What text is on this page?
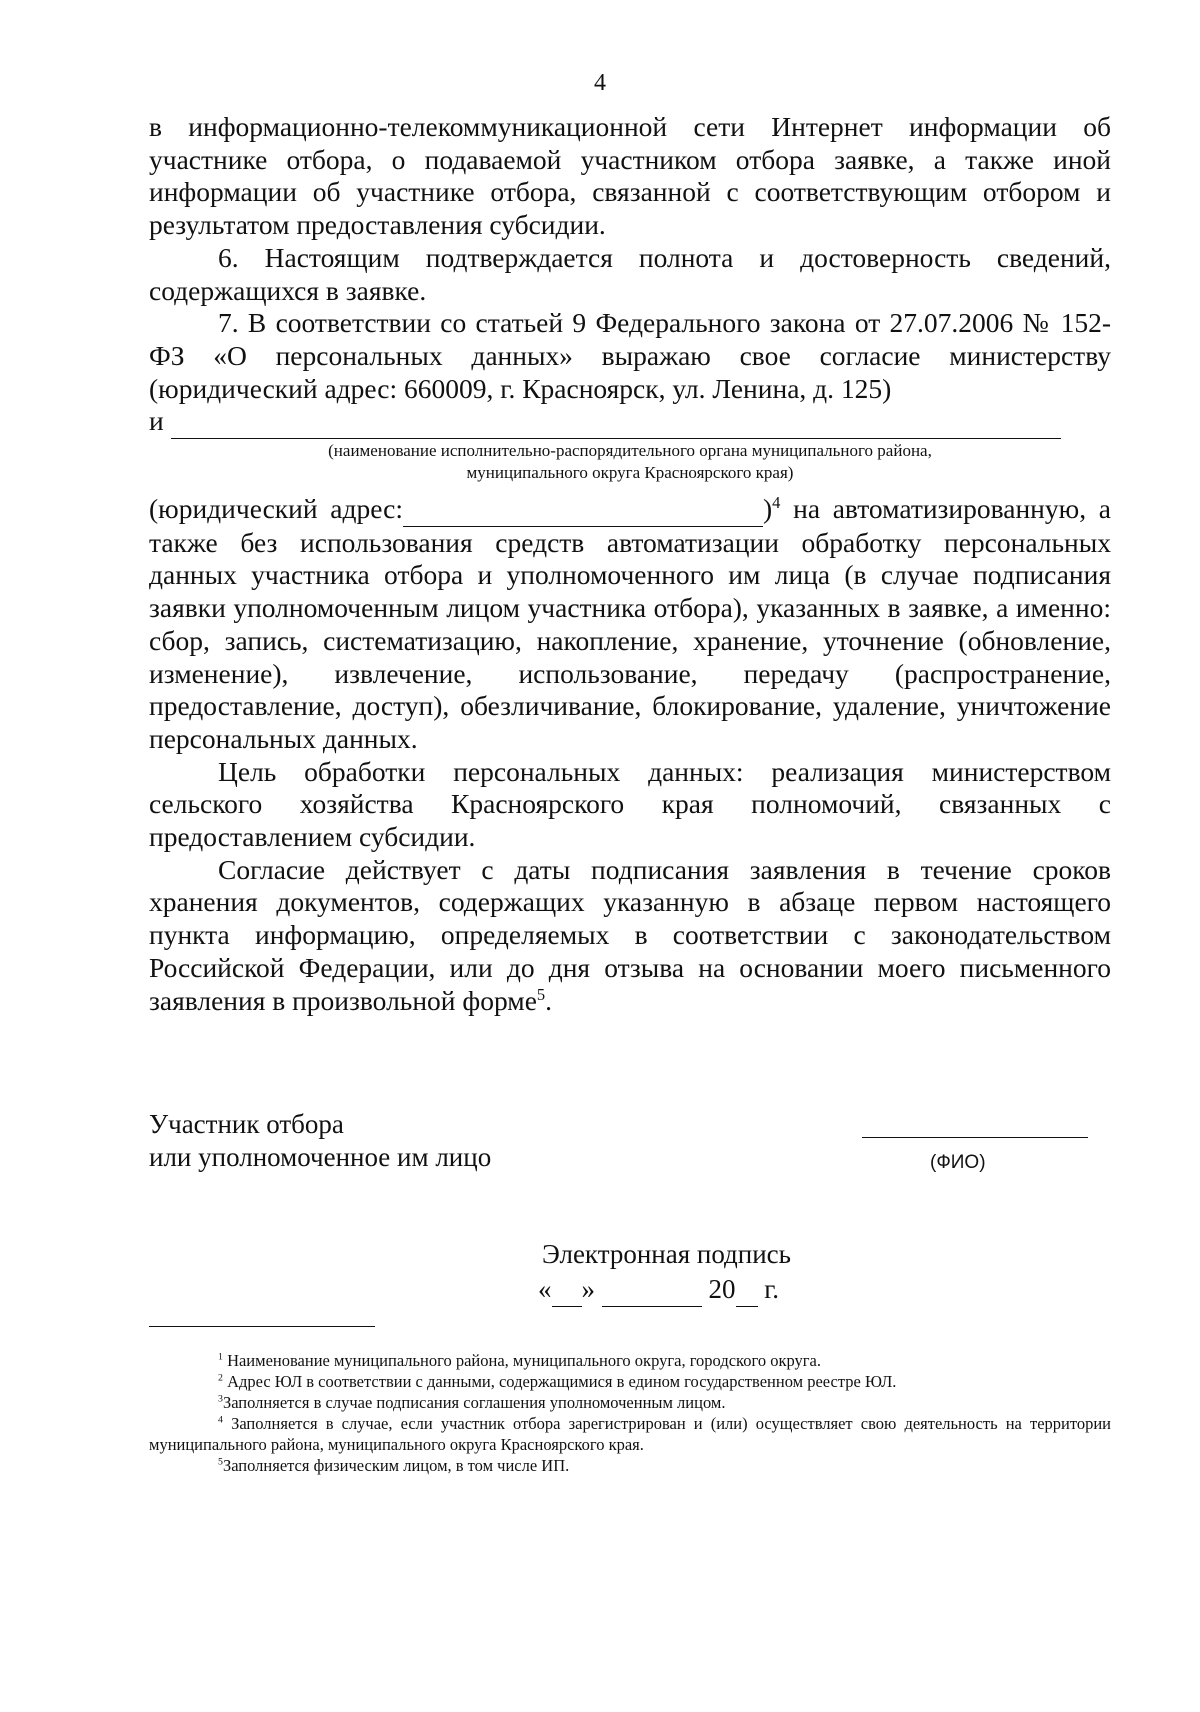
4

в информационно-телекоммуникационной сети Интернет информации об участнике отбора, о подаваемой участником отбора заявке, а также иной информации об участнике отбора, связанной с соответствующим отбором и результатом предоставления субсидии.

6. Настоящим подтверждается полнота и достоверность сведений, содержащихся в заявке.

7. В соответствии со статьей 9 Федерального закона от 27.07.2006 № 152-ФЗ «О персональных данных» выражаю свое согласие министерству (юридический адрес: 660009, г. Красноярск, ул. Ленина, д. 125)

и

(наименование исполнительно-распорядительного органа муниципального района,
муниципального округа Красноярского края)

(юридический адрес:	)$^4$ на автоматизированную, а также без использования средств автоматизации обработку персональных данных участника отбора и уполномоченного им лица (в случае подписания заявки уполномоченным лицом участника отбора), указанных в заявке, а именно: сбор, запись, систематизацию, накопление, хранение, уточнение (обновление, изменение), извлечение, использование, передачу (распространение, предоставление, доступ), обезличивание, блокирование, удаление, уничтожение персональных данных.

Цель обработки персональных данных: реализация министерством сельского хозяйства Красноярского края полномочий, связанных с предоставлением субсидии.

Согласие действует с даты подписания заявления в течение сроков хранения документов, содержащих указанную в абзаце первом настоящего пункта информацию, определяемых в соответствии с законодательством Российской Федерации, или до дня отзыва на основании моего письменного заявления в произвольной форме$^5$.

Участник отбора
или уполномоченное им лицо	(ФИО)
Электронная подпись
« »	20 г.

$^1$ Наименование муниципального района, муниципального округа, городского округа.

$^2$ Адрес ЮЛ в соответствии с данными, содержащимися в едином государственном реестре ЮЛ.

$^3$Заполняется в случае подписания соглашения уполномоченным лицом.

$^4$ Заполняется в случае, если участник отбора зарегистрирован и (или) осуществляет свою деятельность на территории муниципального района, муниципального округа Красноярского края.

$^5$Заполняется физическим лицом, в том числе ИП.
